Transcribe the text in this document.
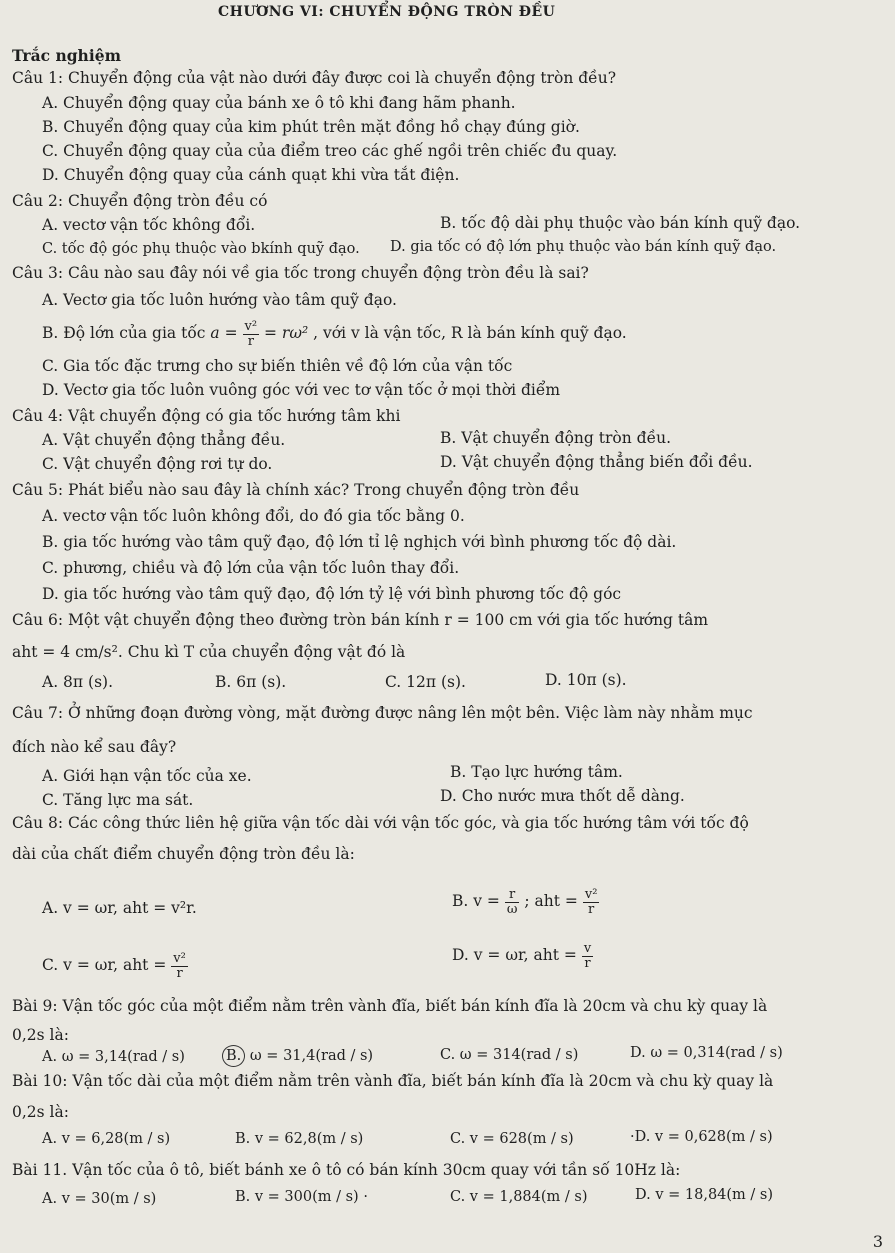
CHƯƠNG VI: CHUYỂN ĐỘNG TRÒN ĐỀU
Trắc nghiệm
Câu 1: Chuyển động của vật nào dưới đây được coi là chuyển động tròn đều?
A. Chuyển động quay của bánh xe ô tô khi đang hãm phanh.
B. Chuyển động quay của kim phút trên mặt đồng hồ chạy đúng giờ.
C. Chuyển động quay của của điểm treo các ghế ngồi trên chiếc đu quay.
D. Chuyển động quay của cánh quạt khi vừa tắt điện.
Câu 2: Chuyển động tròn đều có
A. vectơ vận tốc không đổi.	B. tốc độ dài phụ thuộc vào bán kính quỹ đạo.
C. tốc độ góc phụ thuộc vào bkính quỹ đạo. D. gia tốc có độ lớn phụ thuộc vào bán kính quỹ đạo.
Câu 3: Câu nào sau đây nói về gia tốc trong chuyển động tròn đều là sai?
A. Vectơ gia tốc luôn hướng vào tâm quỹ đạo.
B. Độ lớn của gia tốc $a = \frac{\text{v²}}{r} = r\omega^2$ , với v là vận tốc, R là bán kính quỹ đạo.
C. Gia tốc đặc trưng cho sự biến thiên về độ lớn của vận tốc
D. Vectơ gia tốc luôn vuông góc với vec tơ vận tốc ở mọi thời điểm
Câu 4: Vật chuyển động có gia tốc hướng tâm khi
A. Vật chuyển động thẳng đều.	B. Vật chuyển động tròn đều.
C. Vật chuyển động rơi tự do.	D. Vật chuyển động thẳng biến đổi đều.
Câu 5: Phát biểu nào sau đây là chính xác? Trong chuyển động tròn đều
A. vectơ vận tốc luôn không đổi, do đó gia tốc bằng 0.
B. gia tốc hướng vào tâm quỹ đạo, độ lớn tỉ lệ nghịch với bình phương tốc độ dài.
C. phương, chiều và độ lớn của vận tốc luôn thay đổi.
D. gia tốc hướng vào tâm quỹ đạo, độ lớn tỷ lệ với bình phương tốc độ góc
Câu 6: Một vật chuyển động theo đường tròn bán kính r = 100 cm với gia tốc hướng tâm
aht = 4 cm/s². Chu kì T của chuyển động vật đó là
A. 8π (s).	B. 6π (s).	C. 12π (s).	D. 10π (s).
Câu 7: Ở những đoạn đường vòng, mặt đường được nâng lên một bên. Việc làm này nhằm mục
đích nào kể sau đây?
A. Giới hạn vận tốc của xe.	B. Tạo lực hướng tâm.
C. Tăng lực ma sát.	D. Cho nước mưa thốt dễ dàng.
Câu 8: Các công thức liên hệ giữa vận tốc dài với vận tốc góc, và gia tốc hướng tâm với tốc độ
dài của chất điểm chuyển động tròn đều là:
A. v = ωr, aht = v²r.	B. $v = \frac{r}{\omega}$ ; aht = $\frac{\text{v²}}{r}$
C. v = ωr, aht = $\frac{\text{v²}}{r}$	D. v = ωr, aht = $\frac{v}{r}$
Bài 9: Vận tốc góc của một điểm nằm trên vành đĩa, biết bán kính đĩa là 20cm và chu kỳ quay là
0,2s là:
A. ω = 3,14(rad / s)	B. ω = 31,4(rad / s)	C. ω = 314(rad / s)	D. ω = 0,314(rad / s)
Bài 10: Vận tốc dài của một điểm nằm trên vành đĩa, biết bán kính đĩa là 20cm và chu kỳ quay là
0,2s là:
A. v = 6,28(m / s)	B. v = 62,8(m / s)	C. v = 628(m / s)	·D. v = 0,628(m / s)
Bài 11. Vận tốc của ô tô, biết bánh xe ô tô có bán kính 30cm quay với tần số 10Hz là:
A. v = 30(m / s)	B. v = 300(m / s) ·	C. v = 1,884(m / s)	D. v = 18,84(m / s)
3
